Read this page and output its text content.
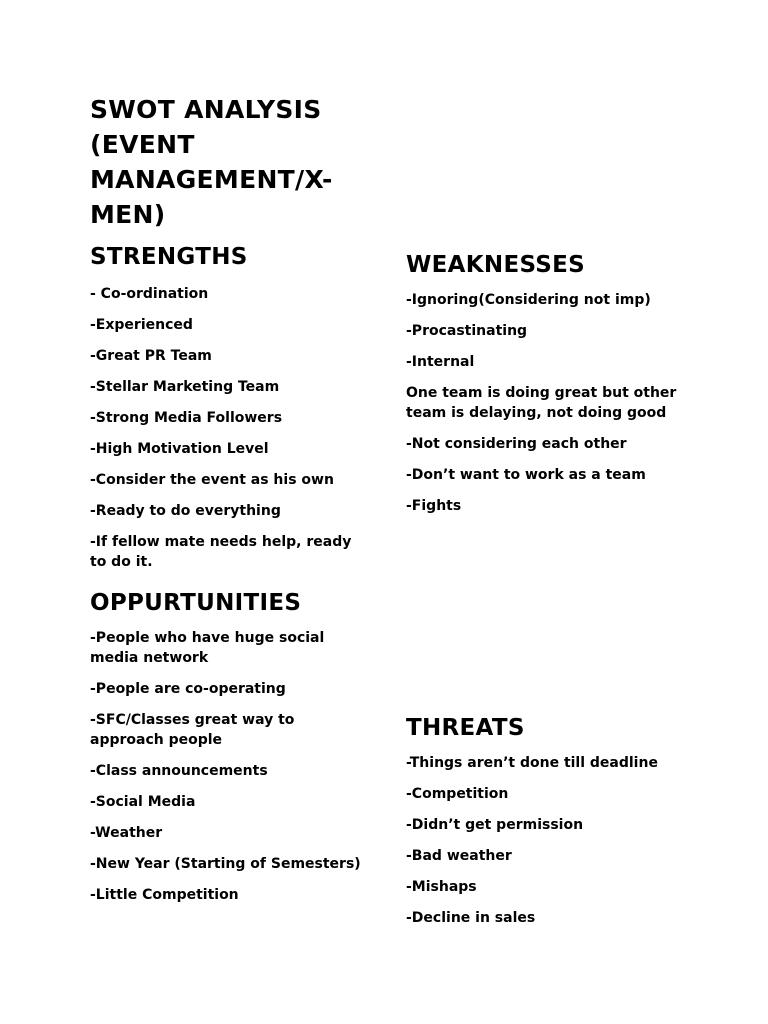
SWOT ANALYSIS
(EVENT
MANAGEMENT/X-
MEN)
STRENGTHS
- Co-ordination
-Experienced
-Great PR Team
-Stellar Marketing Team
-Strong Media Followers
-High Motivation Level
-Consider the event as his own
-Ready to do everything
-If fellow mate needs help, ready to do it.
WEAKNESSES
-Ignoring(Considering not imp)
-Procastinating
-Internal
One team is doing great but other team is delaying, not doing good
-Not considering each other
-Don’t want to work as a team
-Fights
OPPURTUNITIES
-People who have huge social media network
-People are co-operating
-SFC/Classes great way to approach people
-Class announcements
-Social Media
-Weather
-New Year (Starting of Semesters)
-Little Competition
THREATS
-Things aren’t done till deadline
-Competition
-Didn’t get permission
-Bad weather
-Mishaps
-Decline in sales
